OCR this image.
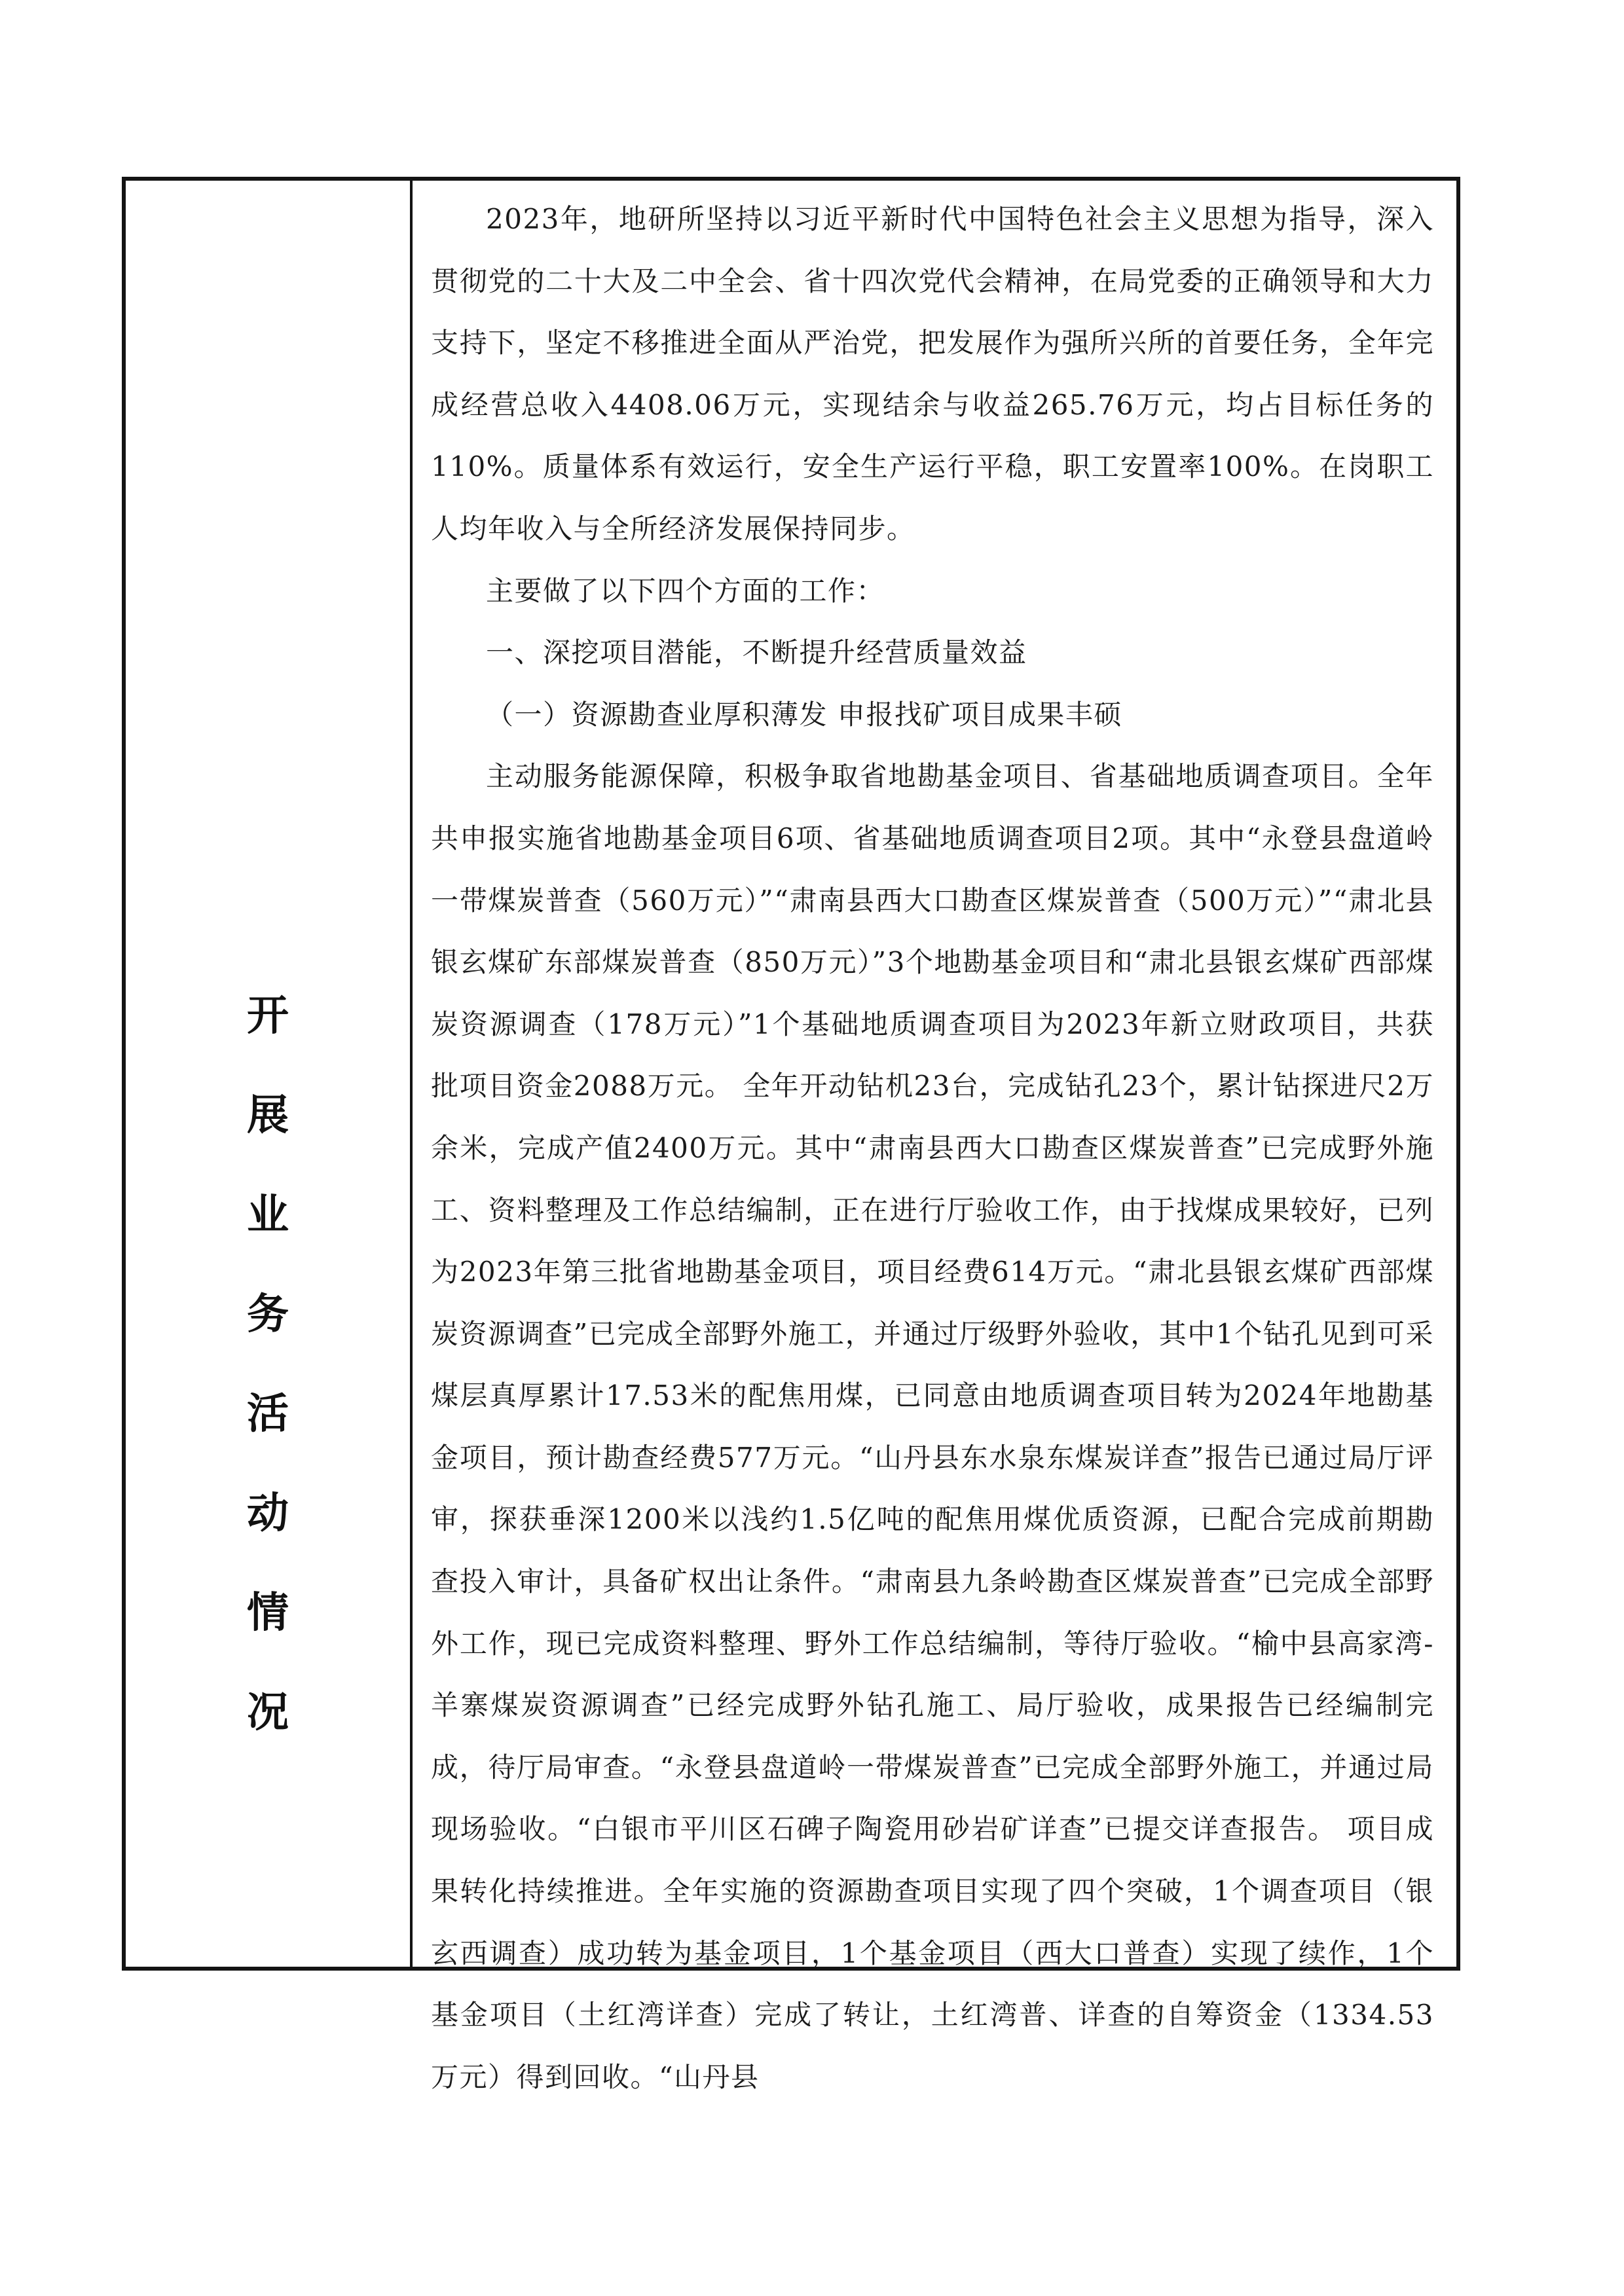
开
展
业
务
活
动
情
况

2023年，地研所坚持以习近平新时代中国特色社会主义思想为指导，深入贯彻党的二十大及二中全会、省十四次党代会精神，在局党委的正确领导和大力支持下，坚定不移推进全面从严治党，把发展作为强所兴所的首要任务，全年完成经营总收入4408.06万元，实现结余与收益265.76万元，均占目标任务的110%。质量体系有效运行，安全生产运行平稳，职工安置率100%。在岗职工人均年收入与全所经济发展保持同步。

主要做了以下四个方面的工作：

一、深挖项目潜能，不断提升经营质量效益

（一）资源勘查业厚积薄发 申报找矿项目成果丰硕

主动服务能源保障，积极争取省地勘基金项目、省基础地质调查项目。全年共申报实施省地勘基金项目6项、省基础地质调查项目2项。其中“永登县盘道岭一带煤炭普查（560万元）”“肃南县西大口勘查区煤炭普查（500万元）”“肃北县银玄煤矿东部煤炭普查（850万元）”3个地勘基金项目和“肃北县银玄煤矿西部煤炭资源调查（178万元）”1个基础地质调查项目为2023年新立财政项目，共获批项目资金2088万元。 全年开动钻机23台，完成钻孔23个，累计钻探进尺2万余米，完成产值2400万元。其中“肃南县西大口勘查区煤炭普查”已完成野外施工、资料整理及工作总结编制，正在进行厅验收工作，由于找煤成果较好，已列为2023年第三批省地勘基金项目，项目经费614万元。“肃北县银玄煤矿西部煤炭资源调查”已完成全部野外施工，并通过厅级野外验收，其中1个钻孔见到可采煤层真厚累计17.53米的配焦用煤，已同意由地质调查项目转为2024年地勘基金项目，预计勘查经费577万元。“山丹县东水泉东煤炭详查”报告已通过局厅评审，探获垂深1200米以浅约1.5亿吨的配焦用煤优质资源，已配合完成前期勘查投入审计，具备矿权出让条件。“肃南县九条岭勘查区煤炭普查”已完成全部野外工作，现已完成资料整理、野外工作总结编制，等待厅验收。“榆中县高家湾-羊寨煤炭资源调查”已经完成野外钻孔施工、局厅验收，成果报告已经编制完成，待厅局审查。“永登县盘道岭一带煤炭普查”已完成全部野外施工，并通过局现场验收。“白银市平川区石碑子陶瓷用砂岩矿详查”已提交详查报告。 项目成果转化持续推进。全年实施的资源勘查项目实现了四个突破，1个调查项目（银玄西调查）成功转为基金项目，1个基金项目（西大口普查）实现了续作，1个基金项目（土红湾详查）完成了转让，土红湾普、详查的自筹资金（1334.53万元）得到回收。“山丹县
